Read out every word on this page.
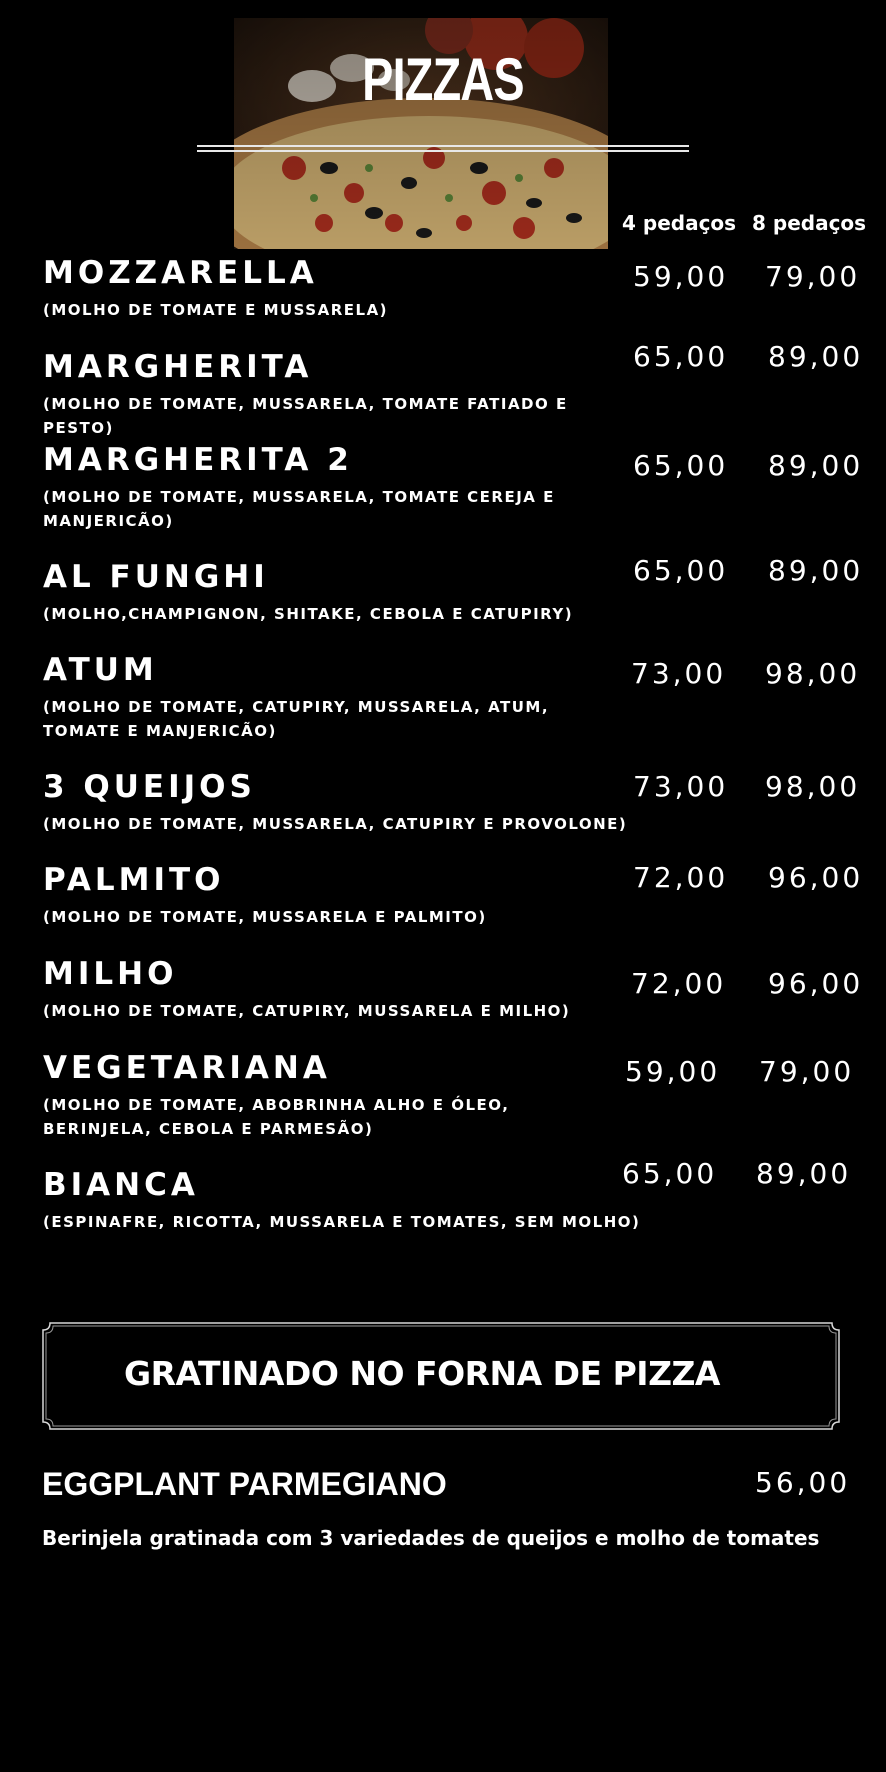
PIZZAS
4 pedaços 8 pedaços
MOZZARELLA
(MOLHO DE TOMATE E MUSSARELA)
59,00 79,00
MARGHERITA
(MOLHO DE TOMATE, MUSSARELA, TOMATE FATIADO E PESTO)
65,00 89,00
MARGHERITA 2
(MOLHO DE TOMATE, MUSSARELA, TOMATE CEREJA E MANJERICÃO)
65,00 89,00
AL FUNGHI
(MOLHO,CHAMPIGNON, SHITAKE, CEBOLA E CATUPIRY)
65,00 89,00
ATUM
(MOLHO DE TOMATE, CATUPIRY, MUSSARELA, ATUM, TOMATE E MANJERICÃO)
73,00 98,00
3 QUEIJOS
(MOLHO DE TOMATE, MUSSARELA, CATUPIRY E PROVOLONE)
73,00 98,00
PALMITO
(MOLHO DE TOMATE, MUSSARELA E PALMITO)
72,00 96,00
MILHO
(MOLHO DE TOMATE, CATUPIRY, MUSSARELA E MILHO)
72,00 96,00
VEGETARIANA
(MOLHO DE TOMATE, ABOBRINHA ALHO E ÓLEO, BERINJELA, CEBOLA E PARMESÃO)
59,00 79,00
BIANCA
(ESPINAFRE, RICOTTA, MUSSARELA E TOMATES, SEM MOLHO)
65,00 89,00
GRATINADO NO FORNA DE PIZZA
EGGPLANT PARMEGIANO	56,00
Berinjela gratinada com 3 variedades de queijos e molho de tomates
